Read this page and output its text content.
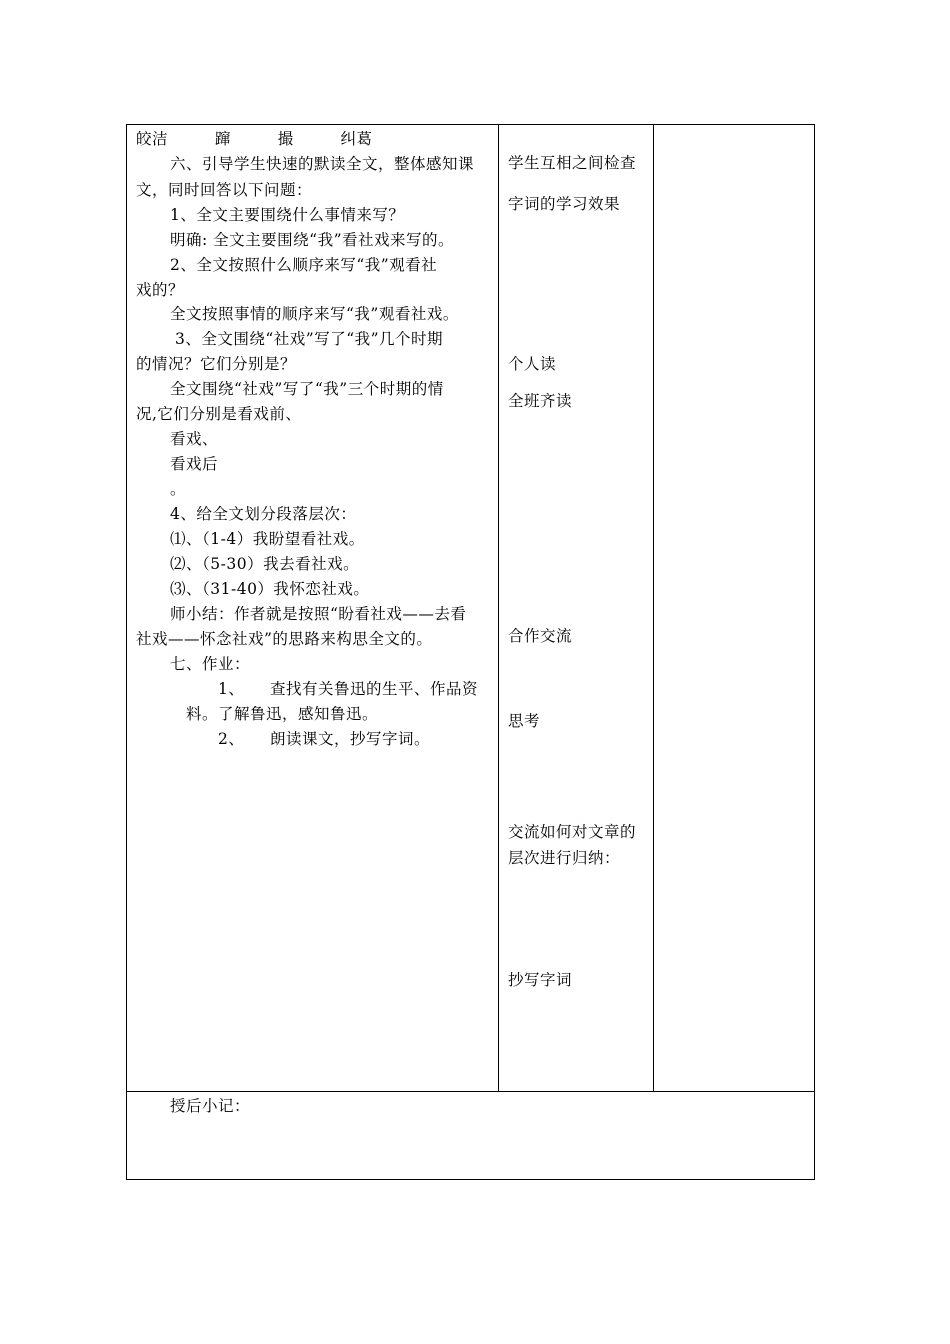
皎洁  蹿  撮  纠葛
六、引导学生快速的默读全文，整体感知课
文，同时回答以下问题：
1、全文主要围绕什么事情来写？
明确: 全文主要围绕“我”看社戏来写的。
2、全文按照什么顺序来写“我”观看社
戏的？
全文按照事情的顺序来写“我”观看社戏。
3、全文围绕“社戏”写了“我”几个时期
的情况？它们分别是？
全文围绕“社戏”写了“我”三个时期的情
况,它们分别是看戏前、
看戏、
看戏后
。
4、给全文划分段落层次：
⑴、（1-4）我盼望看社戏。
⑵、（5-30）我去看社戏。
⑶、（31-40）我怀恋社戏。
师小结：作者就是按照“盼看社戏——去看
社戏——怀念社戏”的思路来构思全文的。
七、作业：
1、 查找有关鲁迅的生平、作品资
料。了解鲁迅，感知鲁迅。
2、 朗读课文，抄写字词。
学生互相之间检查
字词的学习效果
个人读
全班齐读
合作交流
思考
交流如何对文章的
层次进行归纳：
抄写字词
授后小记：
